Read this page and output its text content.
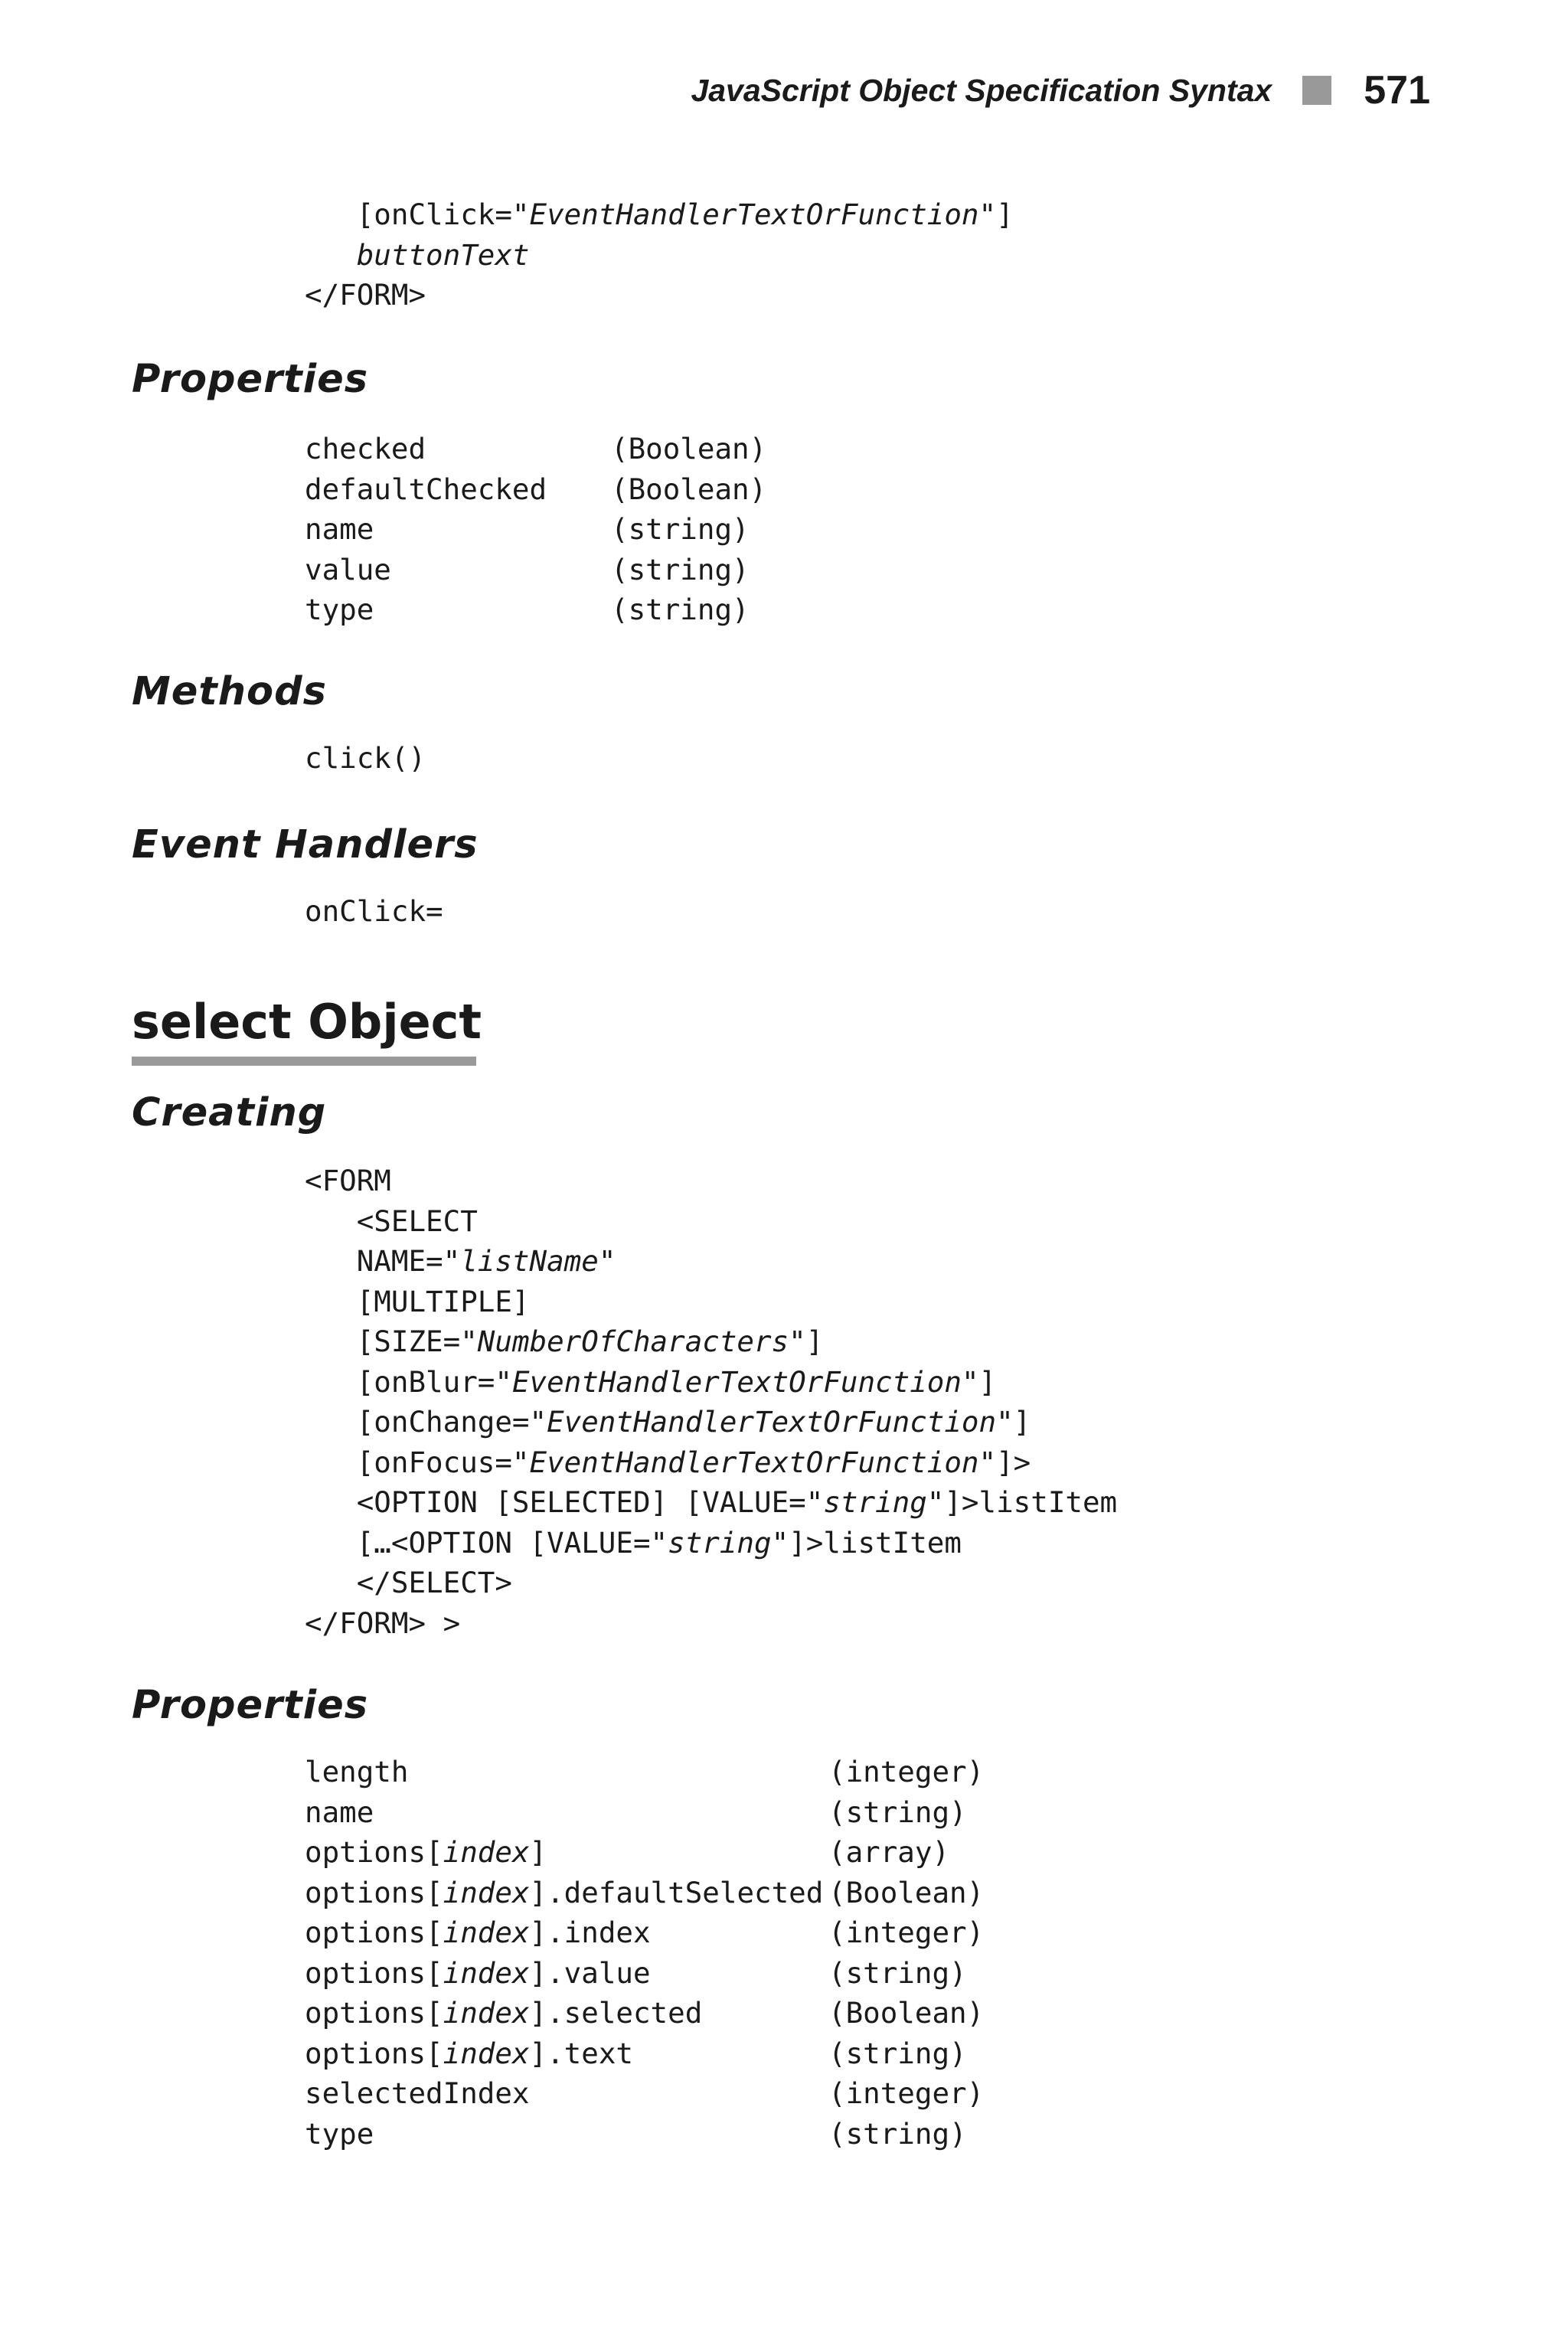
JavaScript Object Specification Syntax 571
[onClick="EventHandlerTextOrFunction"]
buttonText
</FORM>
Properties
checked	(Boolean)
defaultChecked (Boolean)
name	(string)
value	(string)
type	(string)
Methods
click()
Event Handlers
onClick=
select Object
Creating
<FORM
<SELECT
NAME="listName"
[MULTIPLE]
[SIZE="NumberOfCharacters"]
[onBlur="EventHandlerTextOrFunction"]
[onChange="EventHandlerTextOrFunction"]
[onFocus="EventHandlerTextOrFunction"]>
<OPTION [SELECTED] [VALUE="string"]>listItem
[…<OPTION [VALUE="string"]>listItem
</SELECT>
</FORM> >
Properties
length	(integer)
name	(string)
options[index]	(array)
options[index].defaultSelected (Boolean)
options[index].index	(integer)
options[index].value	(string)
options[index].selected	(Boolean)
options[index].text	(string)
selectedIndex	(integer)
type	(string)
